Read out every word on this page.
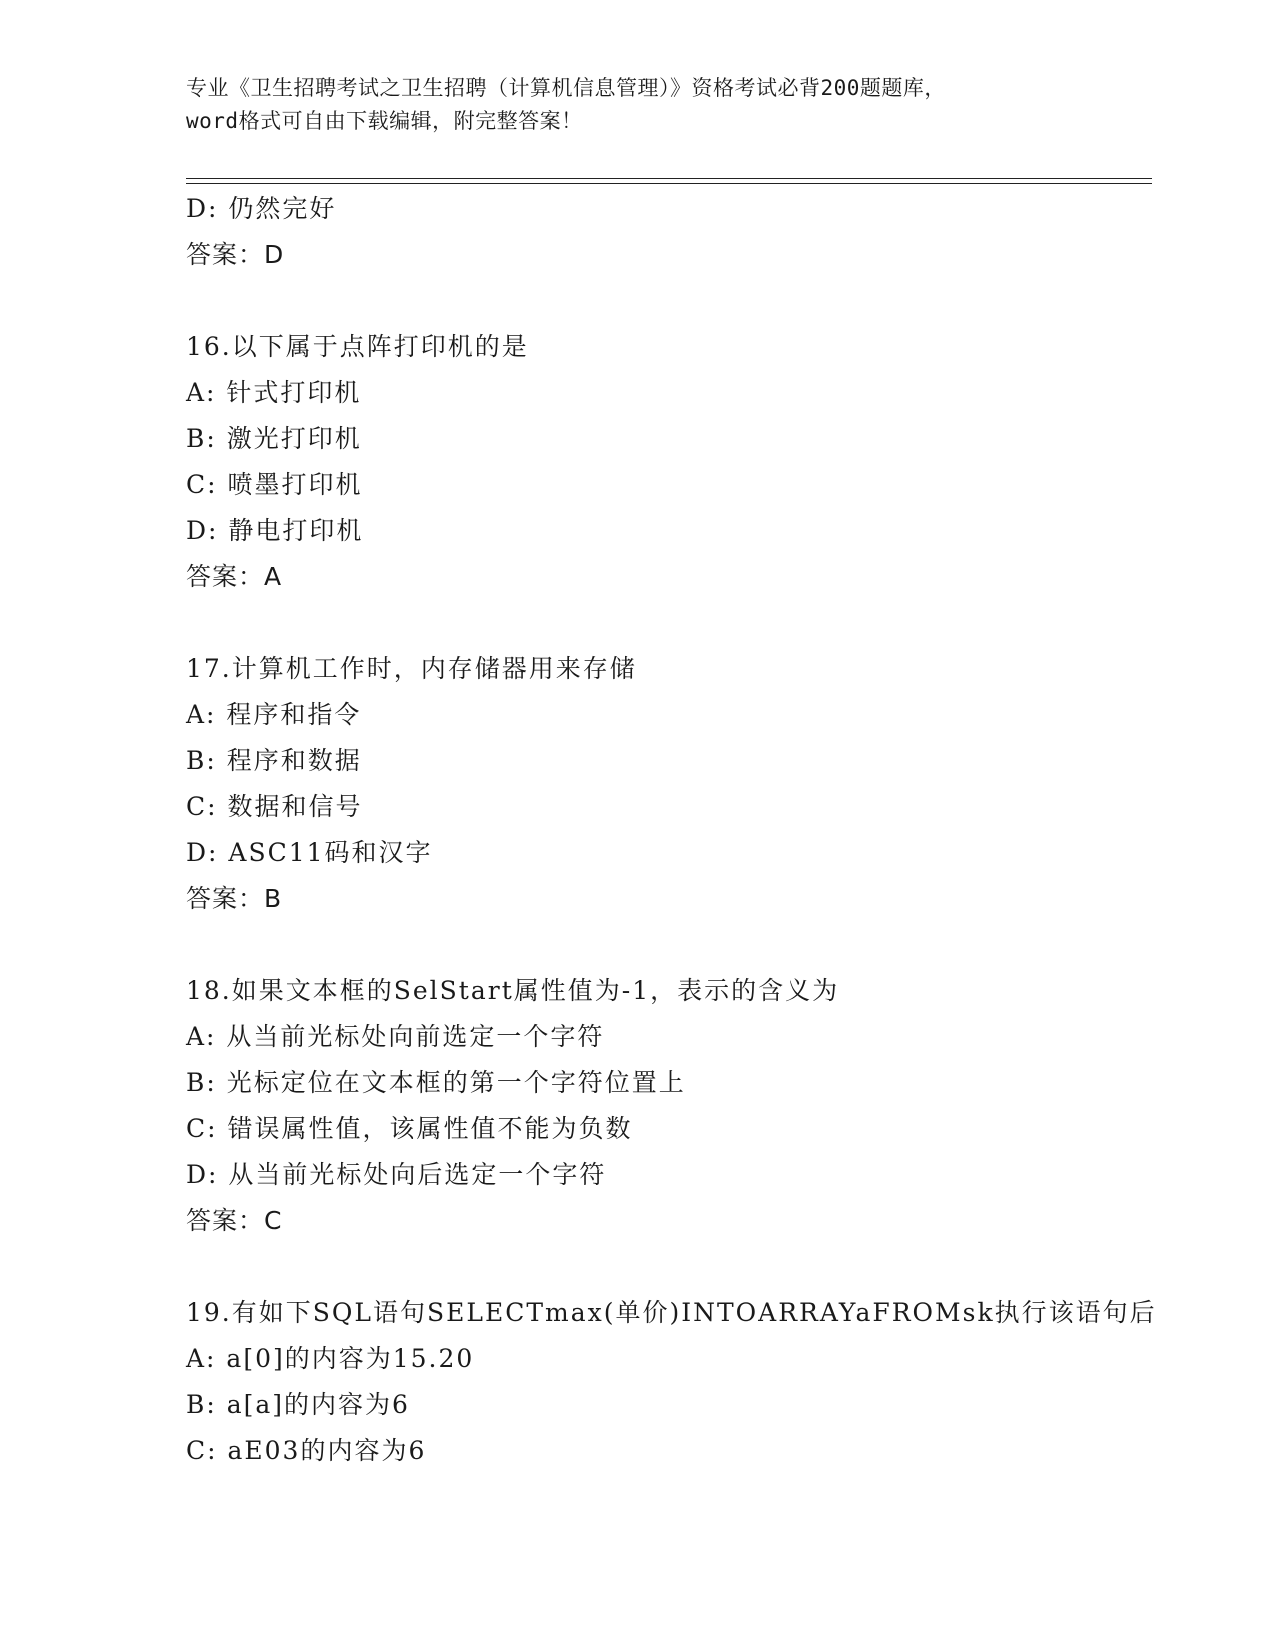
专业《卫生招聘考试之卫生招聘（计算机信息管理）》资格考试必背200题题库，
word格式可自由下载编辑，附完整答案！
D: 仍然完好
答案：D
16.以下属于点阵打印机的是
A: 针式打印机
B: 激光打印机
C: 喷墨打印机
D: 静电打印机
答案：A
17.计算机工作时，内存储器用来存储
A: 程序和指令
B: 程序和数据
C: 数据和信号
D: ASC11码和汉字
答案：B
18.如果文本框的SelStart属性值为-1，表示的含义为
A: 从当前光标处向前选定一个字符
B: 光标定位在文本框的第一个字符位置上
C: 错误属性值，该属性值不能为负数
D: 从当前光标处向后选定一个字符
答案：C
19.有如下SQL语句SELECTmax(单价)INTOARRAYaFROMsk执行该语句后
A: a[0]的内容为15.20
B: a[a]的内容为6
C: aE03的内容为6
